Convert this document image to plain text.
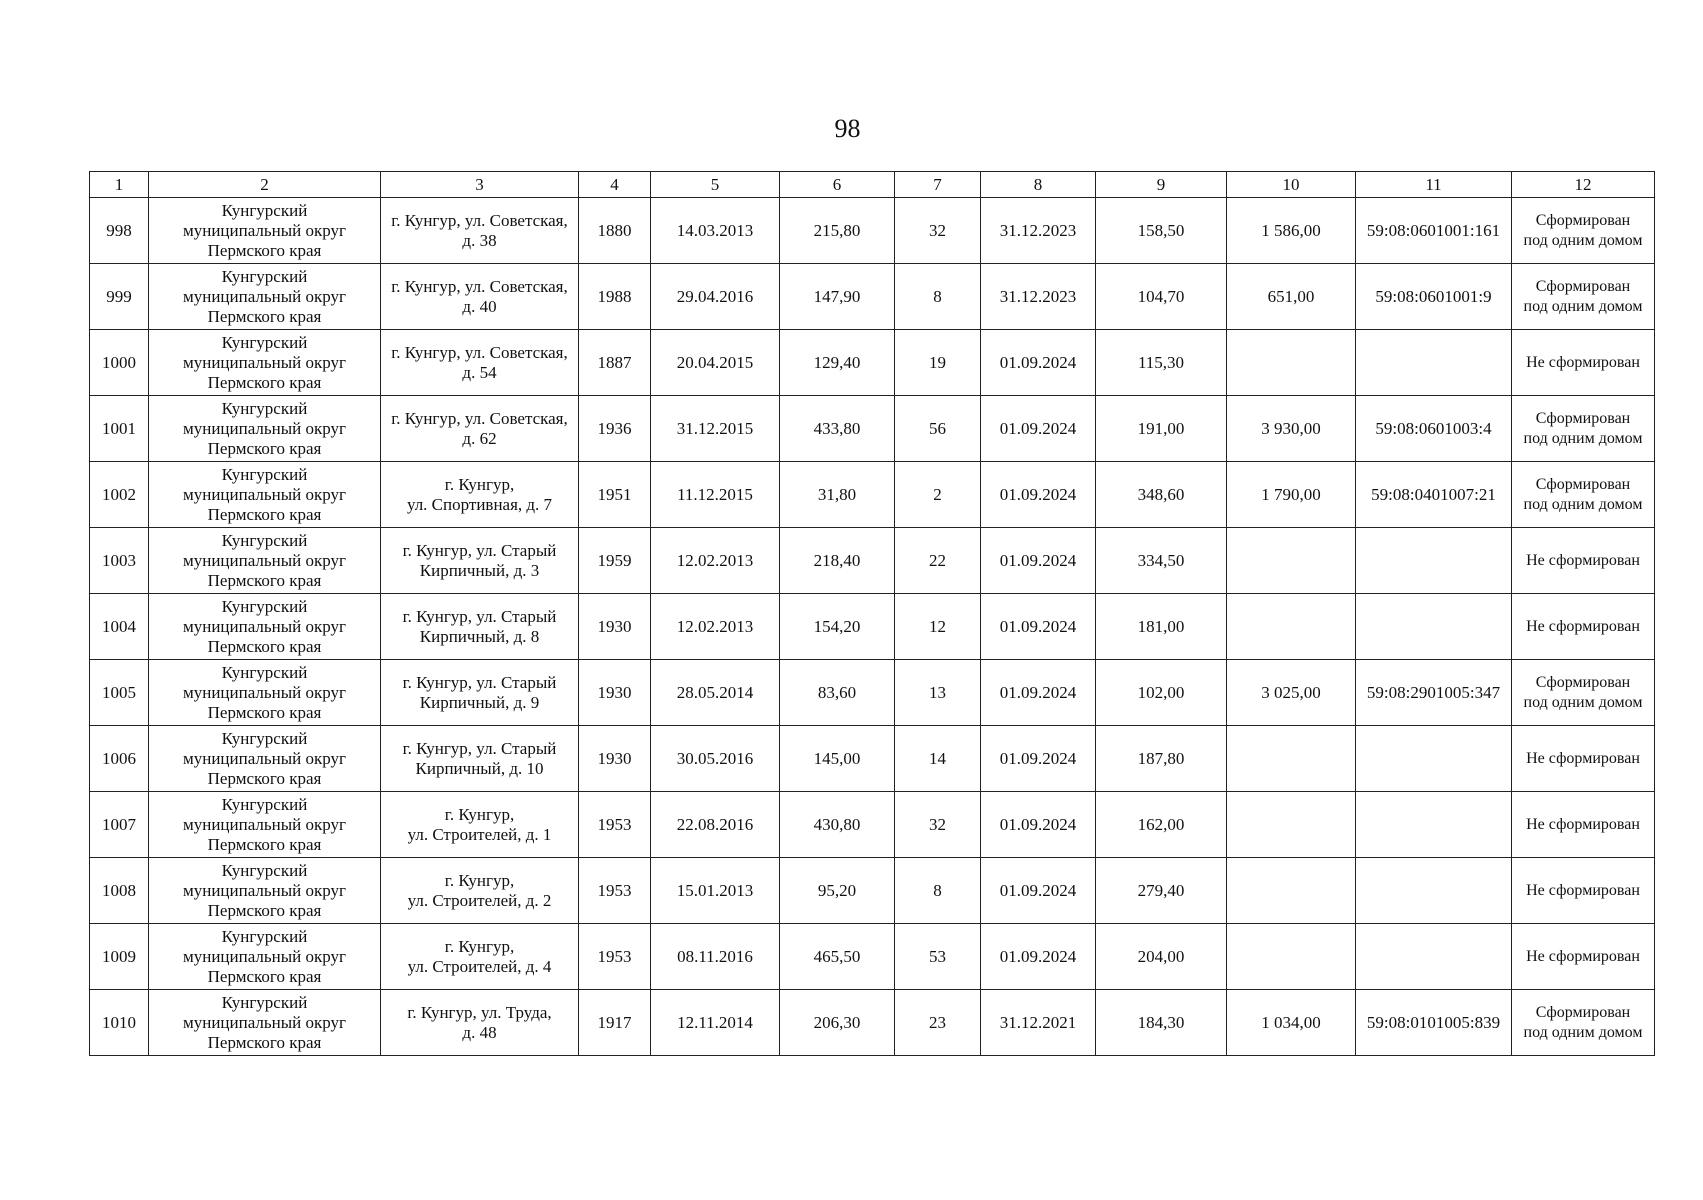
98
1	2	3	4	5	6	7	8	9	10	11	12
998	Кунгурский
муниципальный округ
Пермского края	г. Кунгур, ул. Советская,
д. 38	1880	14.03.2013	215,80	32	31.12.2023	158,50	1 586,00	59:08:0601001:161	Сформирован
под одним домом
999	Кунгурский
муниципальный округ
Пермского края	г. Кунгур, ул. Советская,
д. 40	1988	29.04.2016	147,90	8	31.12.2023	104,70	651,00	59:08:0601001:9	Сформирован
под одним домом
1000	Кунгурский
муниципальный округ
Пермского края	г. Кунгур, ул. Советская,
д. 54	1887	20.04.2015	129,40	19	01.09.2024	115,30			Не сформирован
1001	Кунгурский
муниципальный округ
Пермского края	г. Кунгур, ул. Советская,
д. 62	1936	31.12.2015	433,80	56	01.09.2024	191,00	3 930,00	59:08:0601003:4	Сформирован
под одним домом
1002	Кунгурский
муниципальный округ
Пермского края	г. Кунгур,
ул. Спортивная, д. 7	1951	11.12.2015	31,80	2	01.09.2024	348,60	1 790,00	59:08:0401007:21	Сформирован
под одним домом
1003	Кунгурский
муниципальный округ
Пермского края	г. Кунгур, ул. Старый
Кирпичный, д. 3	1959	12.02.2013	218,40	22	01.09.2024	334,50			Не сформирован
1004	Кунгурский
муниципальный округ
Пермского края	г. Кунгур, ул. Старый
Кирпичный, д. 8	1930	12.02.2013	154,20	12	01.09.2024	181,00			Не сформирован
1005	Кунгурский
муниципальный округ
Пермского края	г. Кунгур, ул. Старый
Кирпичный, д. 9	1930	28.05.2014	83,60	13	01.09.2024	102,00	3 025,00	59:08:2901005:347	Сформирован
под одним домом
1006	Кунгурский
муниципальный округ
Пермского края	г. Кунгур, ул. Старый
Кирпичный, д. 10	1930	30.05.2016	145,00	14	01.09.2024	187,80			Не сформирован
1007	Кунгурский
муниципальный округ
Пермского края	г. Кунгур,
ул. Строителей, д. 1	1953	22.08.2016	430,80	32	01.09.2024	162,00			Не сформирован
1008	Кунгурский
муниципальный округ
Пермского края	г. Кунгур,
ул. Строителей, д. 2	1953	15.01.2013	95,20	8	01.09.2024	279,40			Не сформирован
1009	Кунгурский
муниципальный округ
Пермского края	г. Кунгур,
ул. Строителей, д. 4	1953	08.11.2016	465,50	53	01.09.2024	204,00			Не сформирован
1010	Кунгурский
муниципальный округ
Пермского края	г. Кунгур, ул. Труда,
д. 48	1917	12.11.2014	206,30	23	31.12.2021	184,30	1 034,00	59:08:0101005:839	Сформирован
под одним домом
